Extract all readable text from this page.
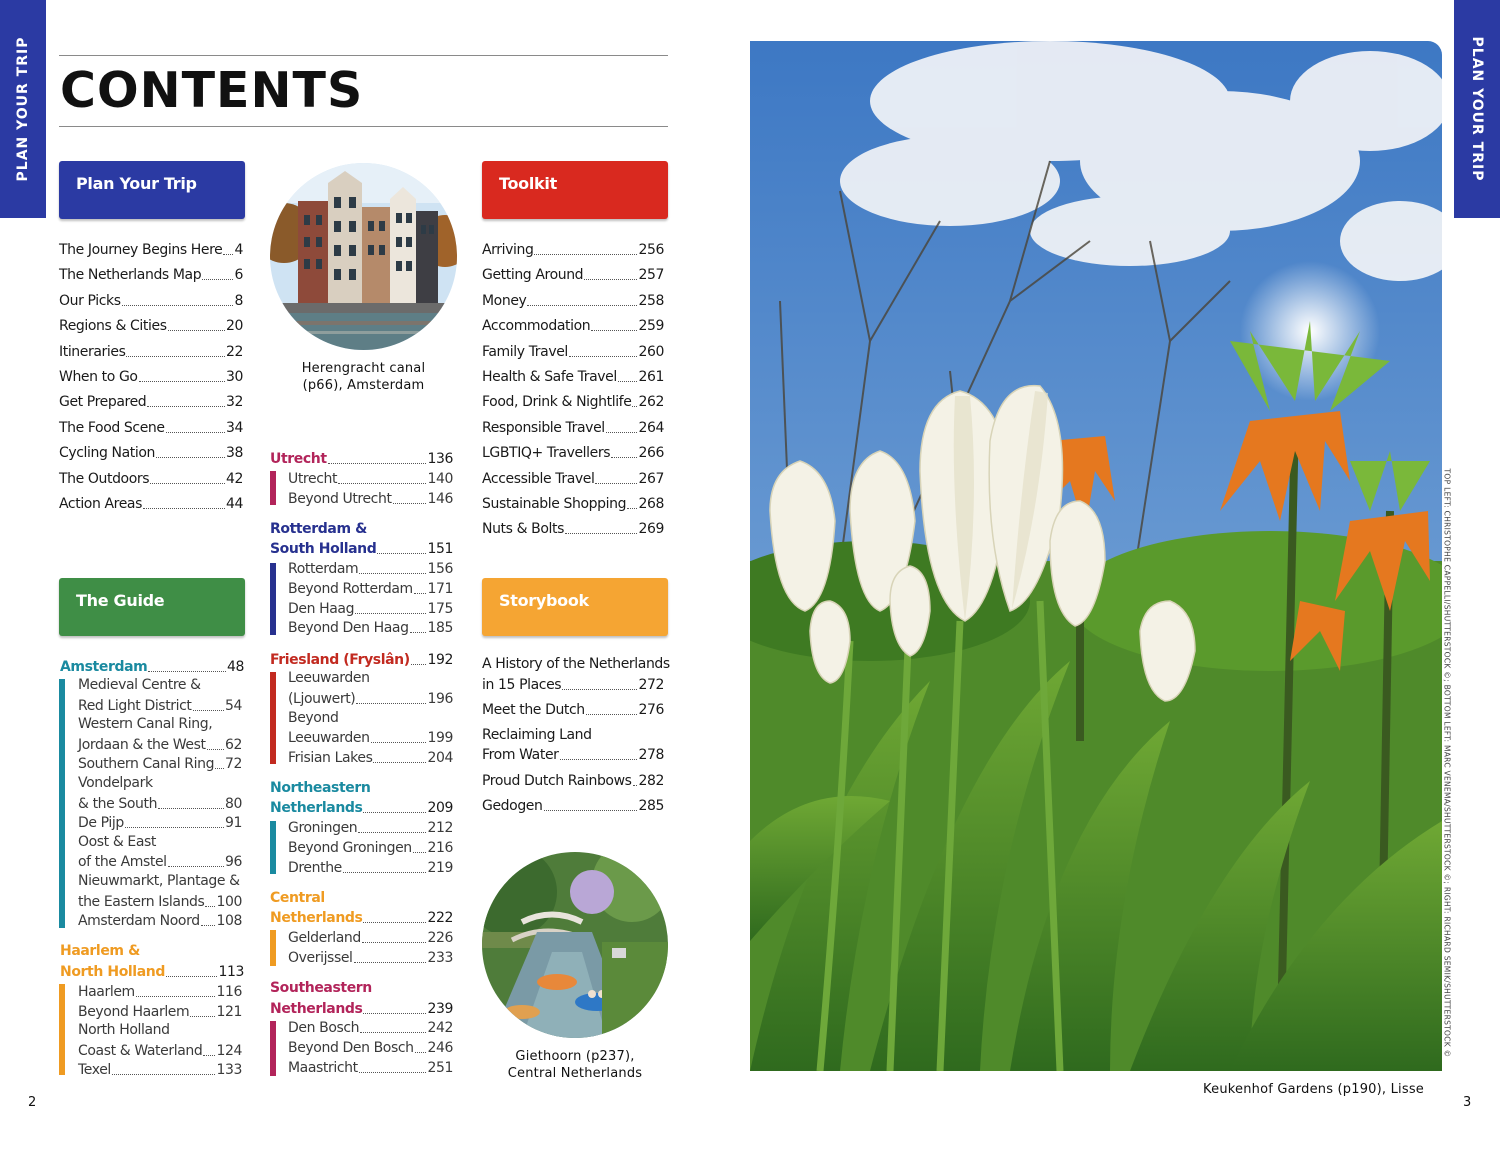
PLAN YOUR TRIP	PLAN YOUR TRIP
CONTENTS
Plan Your Trip
The Journey Begins Here 4
The Netherlands Map 6
Our Picks	8
Regions & Cities	20
Itineraries	22
When to Go	30
Get Prepared	32
The Food Scene	34
Cycling Nation	38
The Outdoors	42
Action Areas	44
The Guide
Amsterdam	48
Medieval Centre &
Red Light District 54
Western Canal Ring,
Jordaan & the West 62
Southern Canal Ring 72
Vondelpark
& the South	80
De Pijp	91
Oost & East
of the Amstel	96
Nieuwmarkt, Plantage &
the Eastern Islands 100
Amsterdam Noord 108
Haarlem &
North Holland	113
Haarlem	116
Beyond Haarlem 121
North Holland
Coast & Waterland 124
Texel	133
Herengracht canal
(p66), Amsterdam
Utrecht	136
Utrecht	140
Beyond Utrecht	146
Rotterdam &
South Holland	151
Rotterdam	156
Beyond Rotterdam 171
Den Haag	175
Beyond Den Haag 185
Friesland (Fryslân) 192
Leeuwarden
(Ljouwert)	196
Beyond
Leeuwarden	199
Frisian Lakes	204
Northeastern
Netherlands	209
Groningen	212
Beyond Groningen 216
Drenthe	219
Central
Netherlands	222
Gelderland	226
Overijssel	233
Southeastern
Netherlands	239
Den Bosch	242
Beyond Den Bosch 246
Maastricht	251
Toolkit
Arriving	256
Getting Around	257
Money	258
Accommodation	259
Family Travel	260
Health & Safe Travel 261
Food, Drink & Nightlife 262
Responsible Travel 264
LGBTIQ+ Travellers 266
Accessible Travel	267
Sustainable Shopping 268
Nuts & Bolts	269
Storybook
A History of the Netherlands
in 15 Places	272
Meet the Dutch	276
Reclaiming Land
From Water	278
Proud Dutch Rainbows 282
Gedogen	285
Giethoorn (p237),
Central Netherlands
Keukenhof Gardens (p190), Lisse
TOP LEFT: CHRISTOPHE CAPPELLI/SHUTTERSTOCK ©; BOTTOM LEFT: MARC VENEMA/SHUTTERSTOCK ©; RIGHT: RICHARD SEMIK/SHUTTERSTOCK ©
2	3
